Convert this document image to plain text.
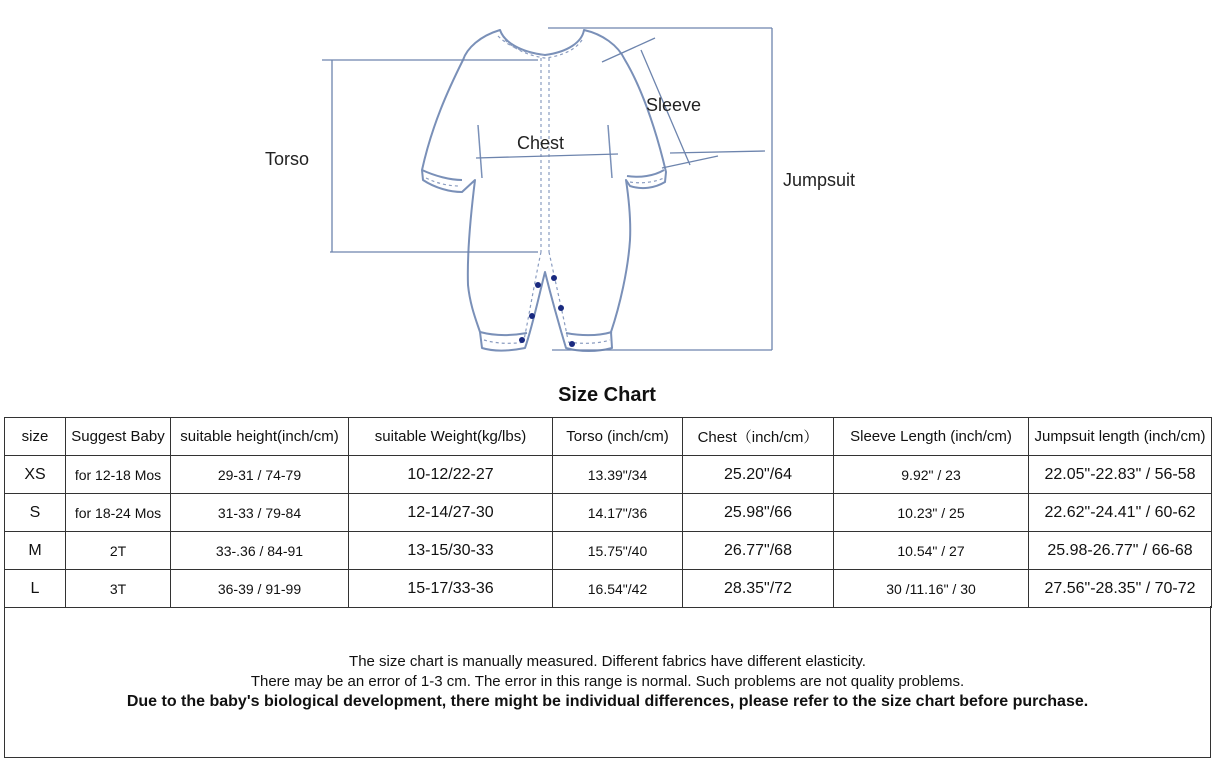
Torso
Chest
Sleeve
Jumpsuit
Size Chart
size	Suggest Baby	suitable height(inch/cm)	suitable Weight(kg/lbs)	Torso (inch/cm)	Chest（inch/cm）	Sleeve Length (inch/cm)	Jumpsuit length (inch/cm)
XS	for 12-18 Mos	29-31 / 74-79	10-12/22-27	13.39"/34	25.20"/64	9.92" / 23	22.05"-22.83" / 56-58
S	for 18-24 Mos	31-33 / 79-84	12-14/27-30	14.17"/36	25.98"/66	10.23" / 25	22.62"-24.41" / 60-62
M	2T	33-.36 / 84-91	13-15/30-33	15.75"/40	26.77"/68	10.54" / 27	25.98-26.77" / 66-68
L	3T	36-39 / 91-99	15-17/33-36	16.54"/42	28.35"/72	30 /11.16" / 30	27.56"-28.35" / 70-72
The size chart is manually measured. Different fabrics have different elasticity.
There may be an error of 1-3 cm. The error in this range is normal. Such problems are not quality problems.
Due to the baby's biological development, there might be individual differences, please refer to the size chart before purchase.
